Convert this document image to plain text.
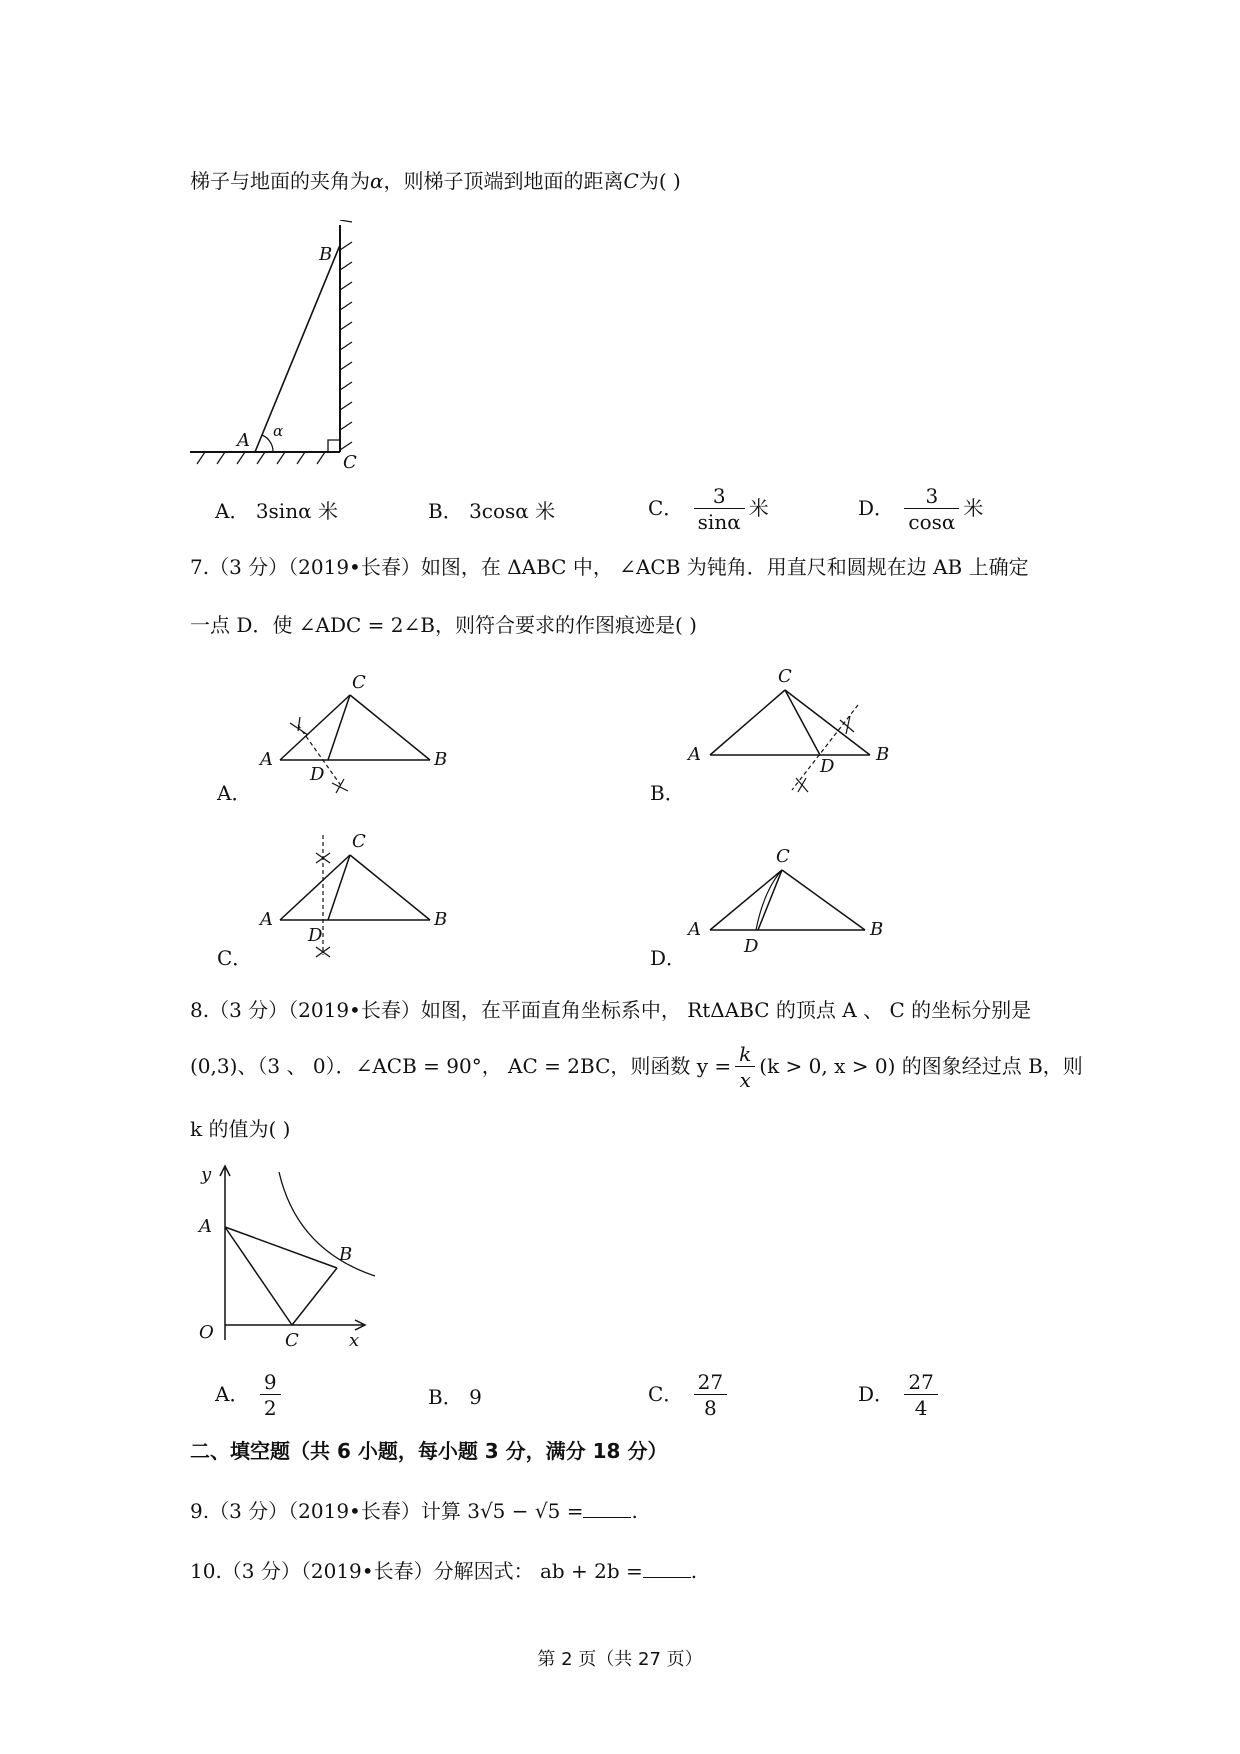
梯子与地面的夹角为α，则梯子顶端到地面的距离C为( )
A α
B
C
A． 3sinα 米	B． 3cosα 米	C． $\frac{3}{\sin\alpha}$ 米	D． $\frac{3}{\cos\alpha}$ 米
7.（3 分）（2019•长春）如图，在 ΔABC 中， ∠ACB 为钝角．用直尺和圆规在边 AB 上确定
一点 D．使 ∠ADC = 2∠B，则符合要求的作图痕迹是( )
C
A	B
D
A．
C
A	B
D
B．
C
A	B
D
C．
C
A	B
D
D．
8.（3 分）（2019•长春）如图，在平面直角坐标系中， RtΔABC 的顶点 A 、 C 的坐标分别是
(0,3)、（3 、 0）．∠ACB = 90°， AC = 2BC，则函数 $y = \frac{k}{x} (k > 0$, x > 0) 的图象经过点 B，则
k 的值为( )
y
A
B
O	C	x
A． $\frac{9}{2}$	B． 9	C． $\frac{27}{8}$	D． $\frac{27}{4}$
二、填空题（共 6 小题，每小题 3 分，满分 18 分）
9.（3 分）（2019•长春）计算 3√5 − √5 = .
10.（3 分）（2019•长春）分解因式： ab + 2b = .
第 2 页（共 27 页）
